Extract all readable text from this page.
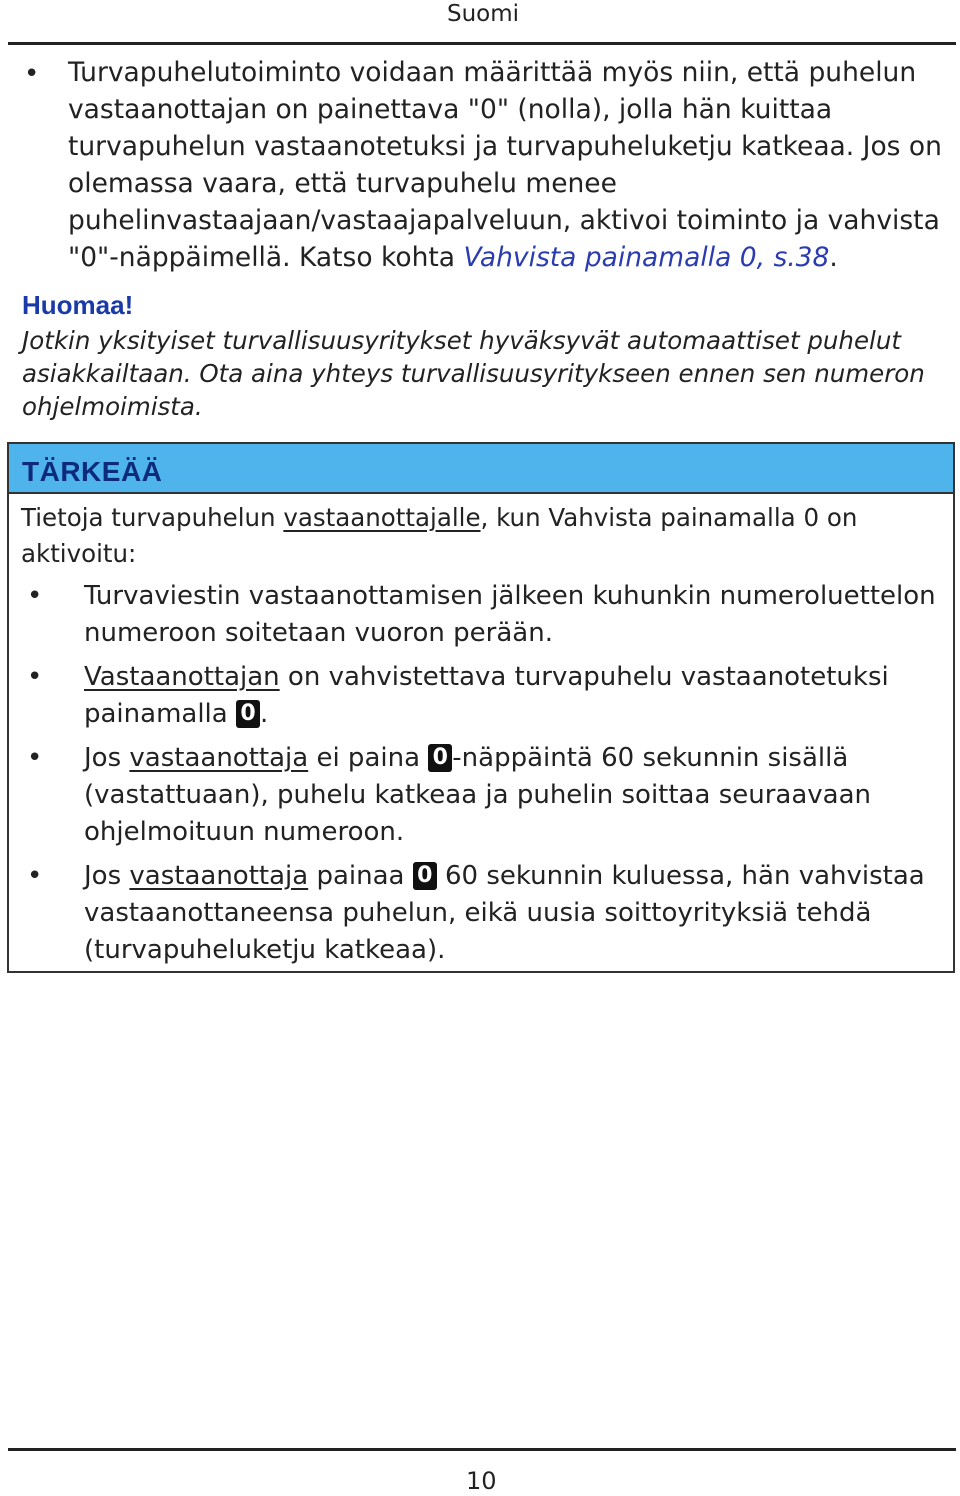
Suomi
• Turvapuhelutoiminto voidaan määrittää myös niin, että puhelun vastaanottajan on painettava "0" (nolla), jolla hän kuittaa turvapuhelun vastaanotetuksi ja turvapuheluketju katkeaa. Jos on olemassa vaara, että turvapuhelu menee puhelinvastaajaan/vastaajapalveluun, aktivoi toiminto ja vahvista "0"-näppäimellä. Katso kohta Vahvista painamalla 0, s.38.
Huomaa!
Jotkin yksityiset turvallisuusyritykset hyväksyvät automaattiset puhelut asiakkailtaan. Ota aina yhteys turvallisuusyritykseen ennen sen numeron ohjelmoimista.
TÄRKEÄÄ
Tietoja turvapuhelun vastaanottajalle, kun Vahvista painamalla 0 on aktivoitu:
• Turvaviestin vastaanottamisen jälkeen kuhunkin numeroluettelon numeroon soitetaan vuoron perään.
• Vastaanottajan on vahvistettava turvapuhelu vastaanotetuksi painamalla 0 .
• Jos vastaanottaja ei paina 0 -näppäintä 60 sekunnin sisällä (vastattuaan), puhelu katkeaa ja puhelin soittaa seuraavaan ohjelmoituun numeroon.
• Jos vastaanottaja painaa 0 60 sekunnin kuluessa, hän vahvistaa vastaanottaneensa puhelun, eikä uusia soittoyrityksiä tehdä (turvapuheluketju katkeaa).
10
